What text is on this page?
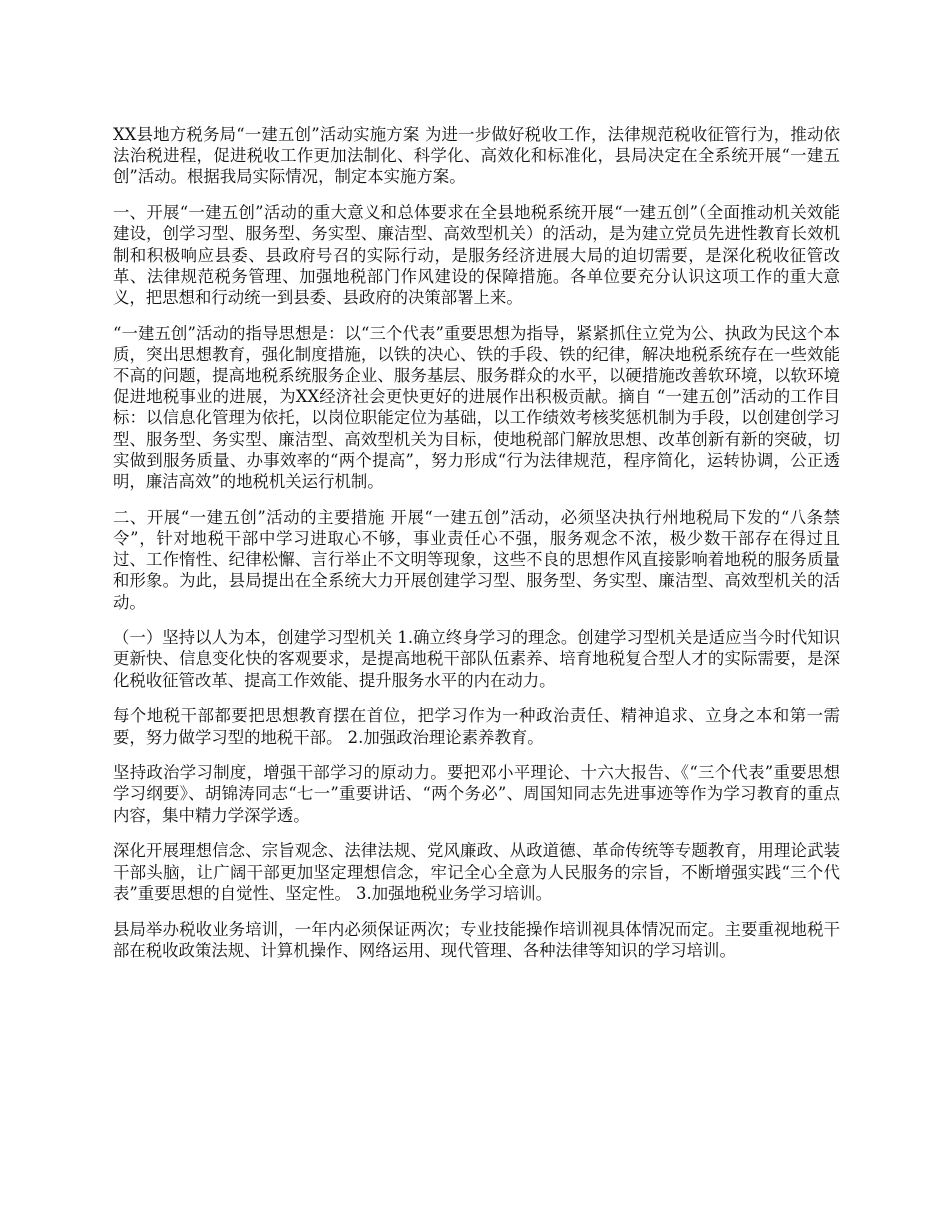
XX县地方税务局“一建五创”活动实施方案 为进一步做好税收工作，法律规范税收征管行为，推动依法治税进程，促进税收工作更加法制化、科学化、高效化和标准化，县局决定在全系统开展“一建五创”活动。根据我局实际情况，制定本实施方案。

一、开展“一建五创”活动的重大意义和总体要求在全县地税系统开展“一建五创”（全面推动机关效能建设，创学习型、服务型、务实型、廉洁型、高效型机关）的活动，是为建立党员先进性教育长效机制和积极响应县委、县政府号召的实际行动，是服务经济进展大局的迫切需要，是深化税收征管改革、法律规范税务管理、加强地税部门作风建设的保障措施。各单位要充分认识这项工作的重大意义，把思想和行动统一到县委、县政府的决策部署上来。

“一建五创”活动的指导思想是：以“三个代表”重要思想为指导，紧紧抓住立党为公、执政为民这个本质，突出思想教育，强化制度措施，以铁的决心、铁的手段、铁的纪律，解决地税系统存在一些效能不高的问题，提高地税系统服务企业、服务基层、服务群众的水平，以硬措施改善软环境，以软环境促进地税事业的进展，为XX经济社会更快更好的进展作出积极贡献。摘自 “一建五创”活动的工作目标：以信息化管理为依托，以岗位职能定位为基础，以工作绩效考核奖惩机制为手段，以创建创学习型、服务型、务实型、廉洁型、高效型机关为目标，使地税部门解放思想、改革创新有新的突破，切实做到服务质量、办事效率的“两个提高”，努力形成“行为法律规范，程序简化，运转协调，公正透明，廉洁高效”的地税机关运行机制。

二、开展“一建五创”活动的主要措施 开展“一建五创”活动，必须坚决执行州地税局下发的“八条禁令”，针对地税干部中学习进取心不够，事业责任心不强，服务观念不浓，极少数干部存在得过且过、工作惰性、纪律松懈、言行举止不文明等现象，这些不良的思想作风直接影响着地税的服务质量和形象。为此，县局提出在全系统大力开展创建学习型、服务型、务实型、廉洁型、高效型机关的活动。

（一）坚持以人为本，创建学习型机关 1.确立终身学习的理念。创建学习型机关是适应当今时代知识更新快、信息变化快的客观要求，是提高地税干部队伍素养、培育地税复合型人才的实际需要，是深化税收征管改革、提高工作效能、提升服务水平的内在动力。

每个地税干部都要把思想教育摆在首位，把学习作为一种政治责任、精神追求、立身之本和第一需要，努力做学习型的地税干部。 2.加强政治理论素养教育。

坚持政治学习制度，增强干部学习的原动力。要把邓小平理论、十六大报告、《“三个代表”重要思想学习纲要》、胡锦涛同志“七一”重要讲话、“两个务必”、周国知同志先进事迹等作为学习教育的重点内容，集中精力学深学透。

深化开展理想信念、宗旨观念、法律法规、党风廉政、从政道德、革命传统等专题教育，用理论武装干部头脑，让广阔干部更加坚定理想信念，牢记全心全意为人民服务的宗旨，不断增强实践“三个代表”重要思想的自觉性、坚定性。 3.加强地税业务学习培训。

县局举办税收业务培训，一年内必须保证两次；专业技能操作培训视具体情况而定。主要重视地税干部在税收政策法规、计算机操作、网络运用、现代管理、各种法律等知识的学习培训。
